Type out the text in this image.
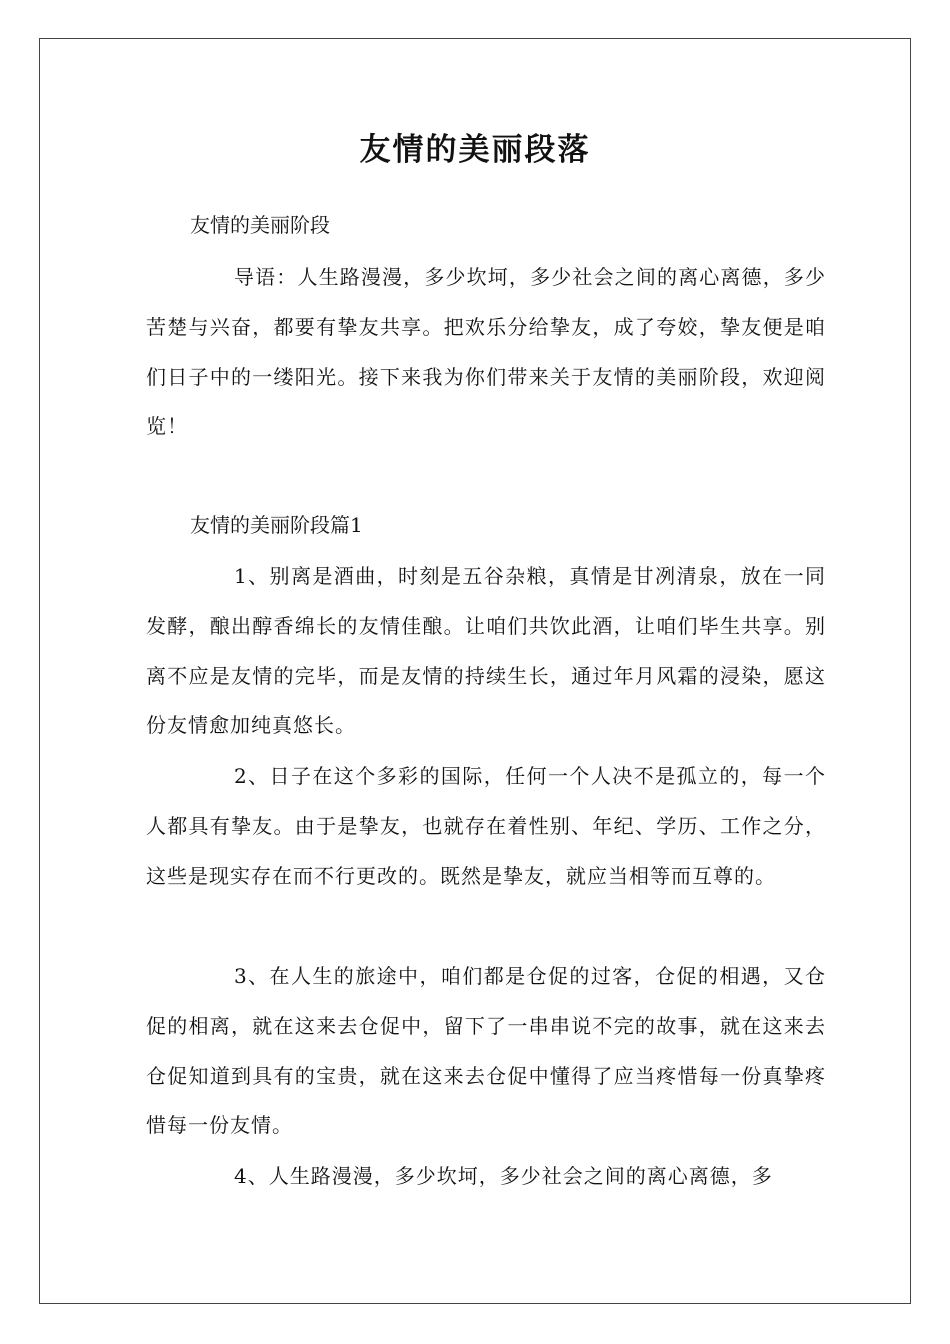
友情的美丽段落

友情的美丽阶段

导语：人生路漫漫，多少坎坷，多少社会之间的离心离德，多少苦楚与兴奋，都要有挚友共享。把欢乐分给挚友，成了夸姣，挚友便是咱们日子中的一缕阳光。接下来我为你们带来关于友情的美丽阶段，欢迎阅览！

友情的美丽阶段篇1

1、别离是酒曲，时刻是五谷杂粮，真情是甘冽清泉，放在一同发酵，酿出醇香绵长的友情佳酿。让咱们共饮此酒，让咱们毕生共享。别离不应是友情的完毕，而是友情的持续生长，通过年月风霜的浸染，愿这份友情愈加纯真悠长。

2、日子在这个多彩的国际，任何一个人决不是孤立的，每一个人都具有挚友。由于是挚友，也就存在着性别、年纪、学历、工作之分，这些是现实存在而不行更改的。既然是挚友，就应当相等而互尊的。

3、在人生的旅途中，咱们都是仓促的过客，仓促的相遇，又仓促的相离，就在这来去仓促中，留下了一串串说不完的故事，就在这来去仓促知道到具有的宝贵，就在这来去仓促中懂得了应当疼惜每一份真挚疼惜每一份友情。

4、人生路漫漫，多少坎坷，多少社会之间的离心离德，多
